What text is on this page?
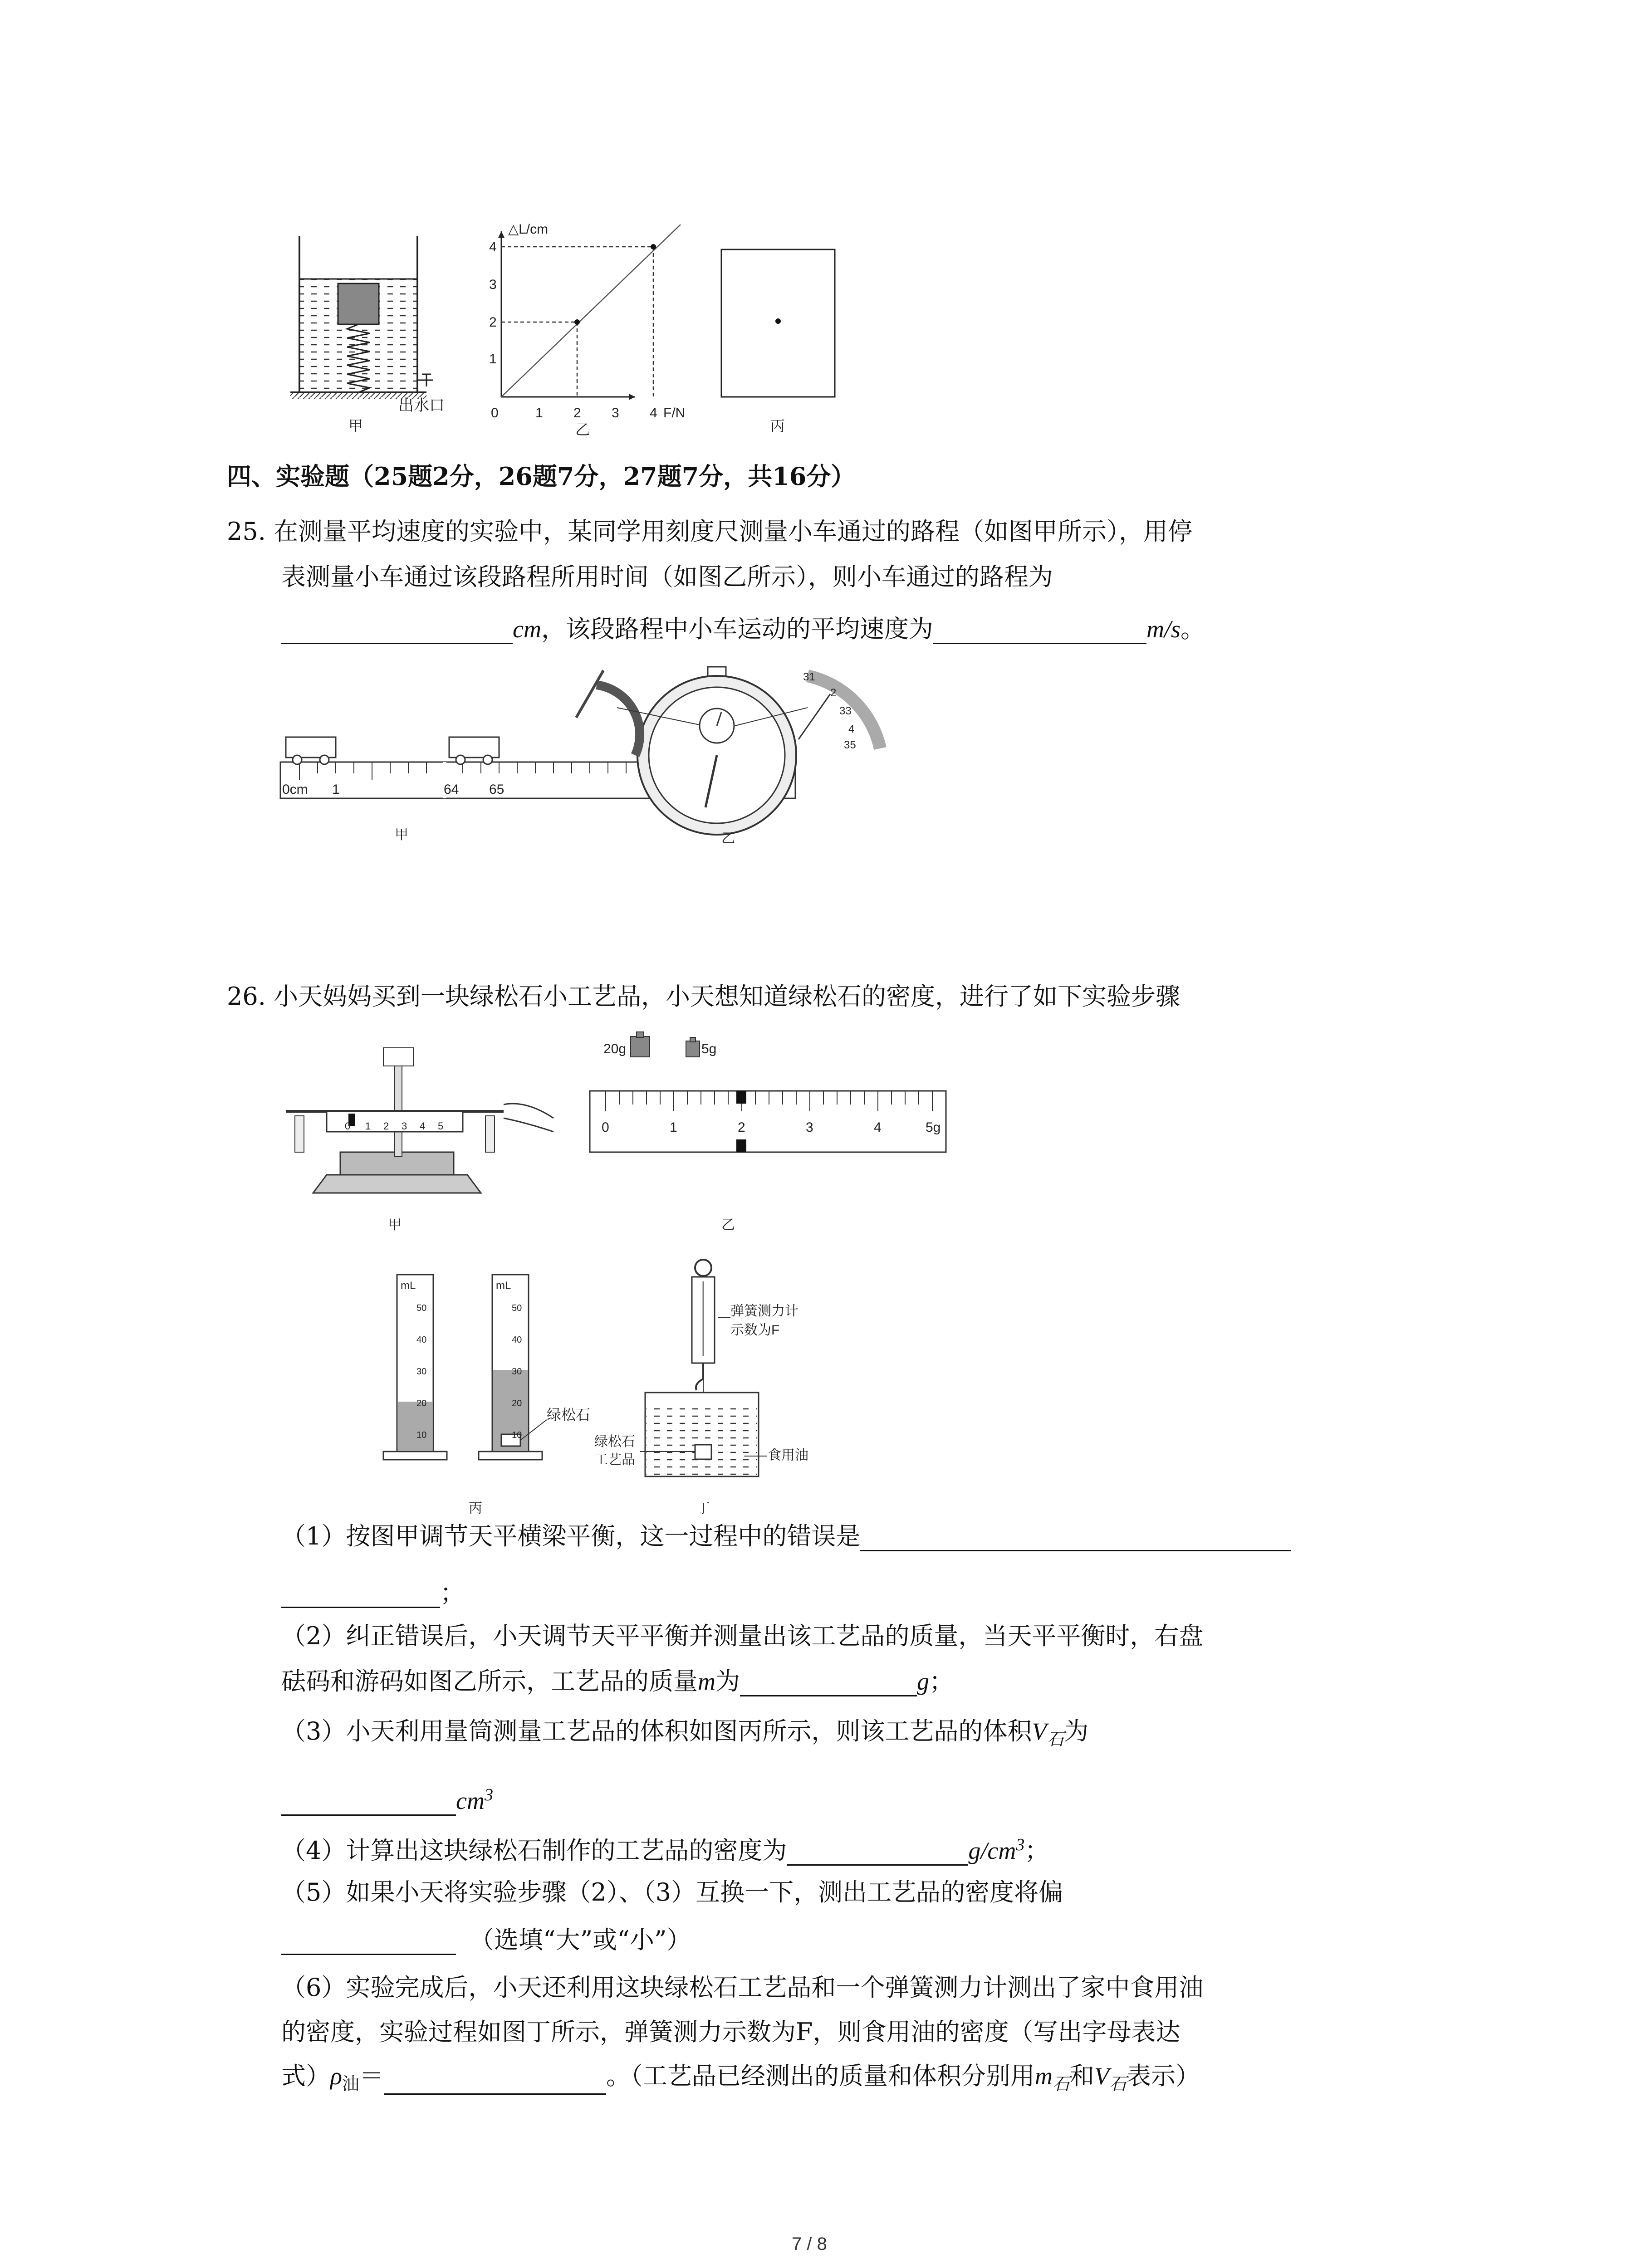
出水口
△L/cm
F/N
0	1 2 3 4
1
2
3
4
甲	乙	丙
四、实验题（25题2分，26题7分，27题7分，共16分）
25. 在测量平均速度的实验中，某同学用刻度尺测量小车通过的路程（如图甲所示），用停
表测量小车通过该段路程所用时间（如图乙所示），则小车通过的路程为
cm，该段路程中小车运动的平均速度为	m/s。
0cm 1	64 65
31
2
33
4
35
甲	乙
26. 小天妈妈买到一块绿松石小工艺品，小天想知道绿松石的密度，进行了如下实验步骤
0 1 2 3 4 5
甲
20g	5g
0	1	2	3	4	5g
乙
mL
50
40
30
20
10
mL
50
40
30
20
10
绿松石
丙
弹簧测力计
示数为F
绿松石
工艺品	食用油
丁
（1）按图甲调节天平横梁平衡，这一过程中的错误是
；
（2）纠正错误后，小天调节天平平衡并测量出该工艺品的质量，当天平平衡时，右盘
砝码和游码如图乙所示，工艺品的质量m为	g；
（3）小天利用量筒测量工艺品的体积如图丙所示，则该工艺品的体积$V_石$为
$cm^3$
（4）计算出这块绿松石制作的工艺品的密度为	$g/cm^3$；
（5）如果小天将实验步骤（2）、（3）互换一下，测出工艺品的密度将偏
（选填“大”或“小”）
（6）实验完成后，小天还利用这块绿松石工艺品和一个弹簧测力计测出了家中食用油
的密度，实验过程如图丁所示，弹簧测力示数为F，则食用油的密度（写出字母表达
式）$\rho_油=$	。（工艺品已经测出的质量和体积分别用$m_石$和$V_石$表示）
7 / 8
